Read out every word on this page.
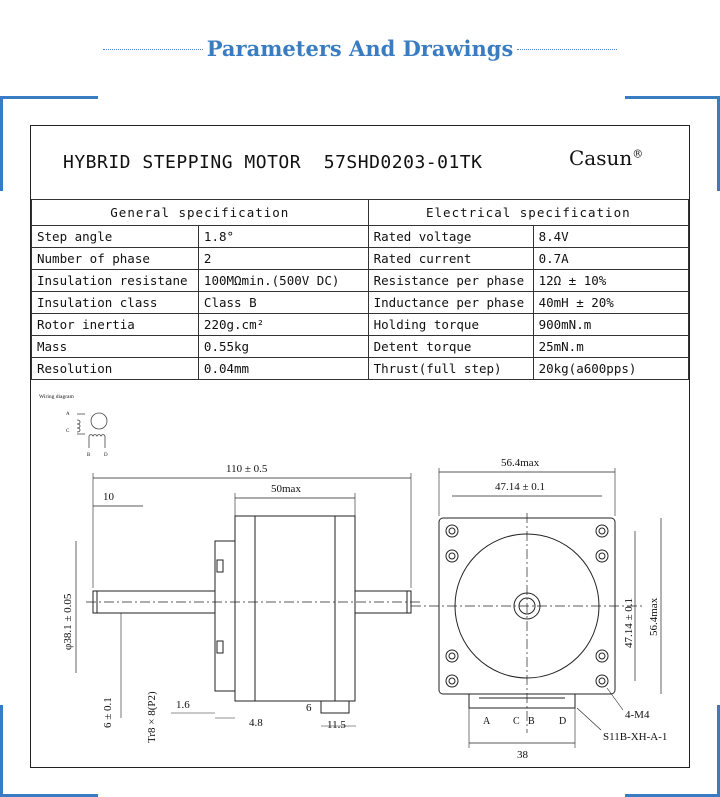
Parameters And Drawings
HYBRID STEPPING MOTOR  57SHD0203-01TK	Casun®
General specification		Electrical specification	
Step angle	1.8°	Rated voltage	8.4V
Number of phase	2	Rated current	0.7A
Insulation resistane	100MΩmin.(500V DC)	Resistance per phase	12Ω ± 10%
Insulation class	Class B	Inductance per phase	40mH ± 20%
Rotor inertia	220g.cm²	Holding torque	900mN.m
Mass	0.55kg	Detent torque	25mN.m
Resolution	0.04mm	Thrust(full step)	20kg(a600pps)
Wiring diagram
A
C
B	D
110 ± 0.5
10
50max
φ38.1 ± 0.05
6 ± 0.1	Tr8 × 8(P2) 1.6
4.8
6
11.5
56.4max
47.14 ± 0.1
47.14 ± 0.1 56.4max
4-M4
S11B-XH-A-1
38
A C B D
